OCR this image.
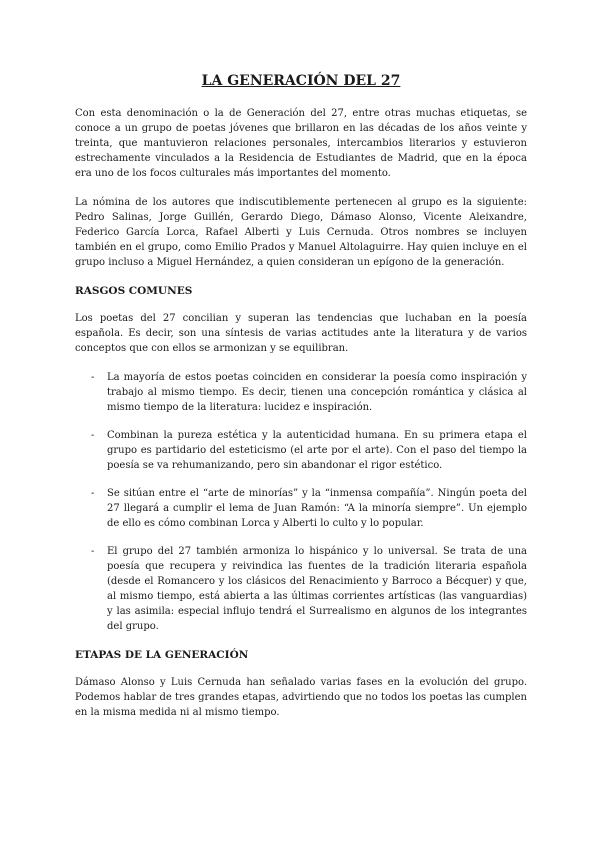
LA GENERACIÓN DEL 27

Con esta denominación o la de Generación del 27, entre otras muchas etiquetas, se conoce a un grupo de poetas jóvenes que brillaron en las décadas de los años veinte y treinta, que mantuvieron relaciones personales, intercambios literarios y estuvieron estrechamente vinculados a la Residencia de Estudiantes de Madrid, que en la época era uno de los focos culturales más importantes del momento.

La nómina de los autores que indiscutiblemente pertenecen al grupo es la siguiente: Pedro Salinas, Jorge Guillén, Gerardo Diego, Dámaso Alonso, Vicente Aleixandre, Federico García Lorca, Rafael Alberti y Luis Cernuda. Otros nombres se incluyen también en el grupo, como Emilio Prados y Manuel Altolaguirre. Hay quien incluye en el grupo incluso a Miguel Hernández, a quien consideran un epígono de la generación.

RASGOS COMUNES

Los poetas del 27 concilian y superan las tendencias que luchaban en la poesía española. Es decir, son una síntesis de varias actitudes ante la literatura y de varios conceptos que con ellos se armonizan y se equilibran.

- La mayoría de estos poetas coinciden en considerar la poesía como inspiración y trabajo al mismo tiempo. Es decir, tienen una concepción romántica y clásica al mismo tiempo de la literatura: lucidez e inspiración.
- Combinan la pureza estética y la autenticidad humana. En su primera etapa el grupo es partidario del esteticismo (el arte por el arte). Con el paso del tiempo la poesía se va rehumanizando, pero sin abandonar el rigor estético.
- Se sitúan entre el “arte de minorías” y la “inmensa compañía”. Ningún poeta del 27 llegará a cumplir el lema de Juan Ramón: “A la minoría siempre”. Un ejemplo de ello es cómo combinan Lorca y Alberti lo culto y lo popular.
- El grupo del 27 también armoniza lo hispánico y lo universal. Se trata de una poesía que recupera y reivindica las fuentes de la tradición literaria española (desde el Romancero y los clásicos del Renacimiento y Barroco a Bécquer) y que, al mismo tiempo, está abierta a las últimas corrientes artísticas (las vanguardias) y las asimila: especial influjo tendrá el Surrealismo en algunos de los integrantes del grupo.
ETAPAS DE LA GENERACIÓN

Dámaso Alonso y Luis Cernuda han señalado varias fases en la evolución del grupo. Podemos hablar de tres grandes etapas, advirtiendo que no todos los poetas las cumplen en la misma medida ni al mismo tiempo.
